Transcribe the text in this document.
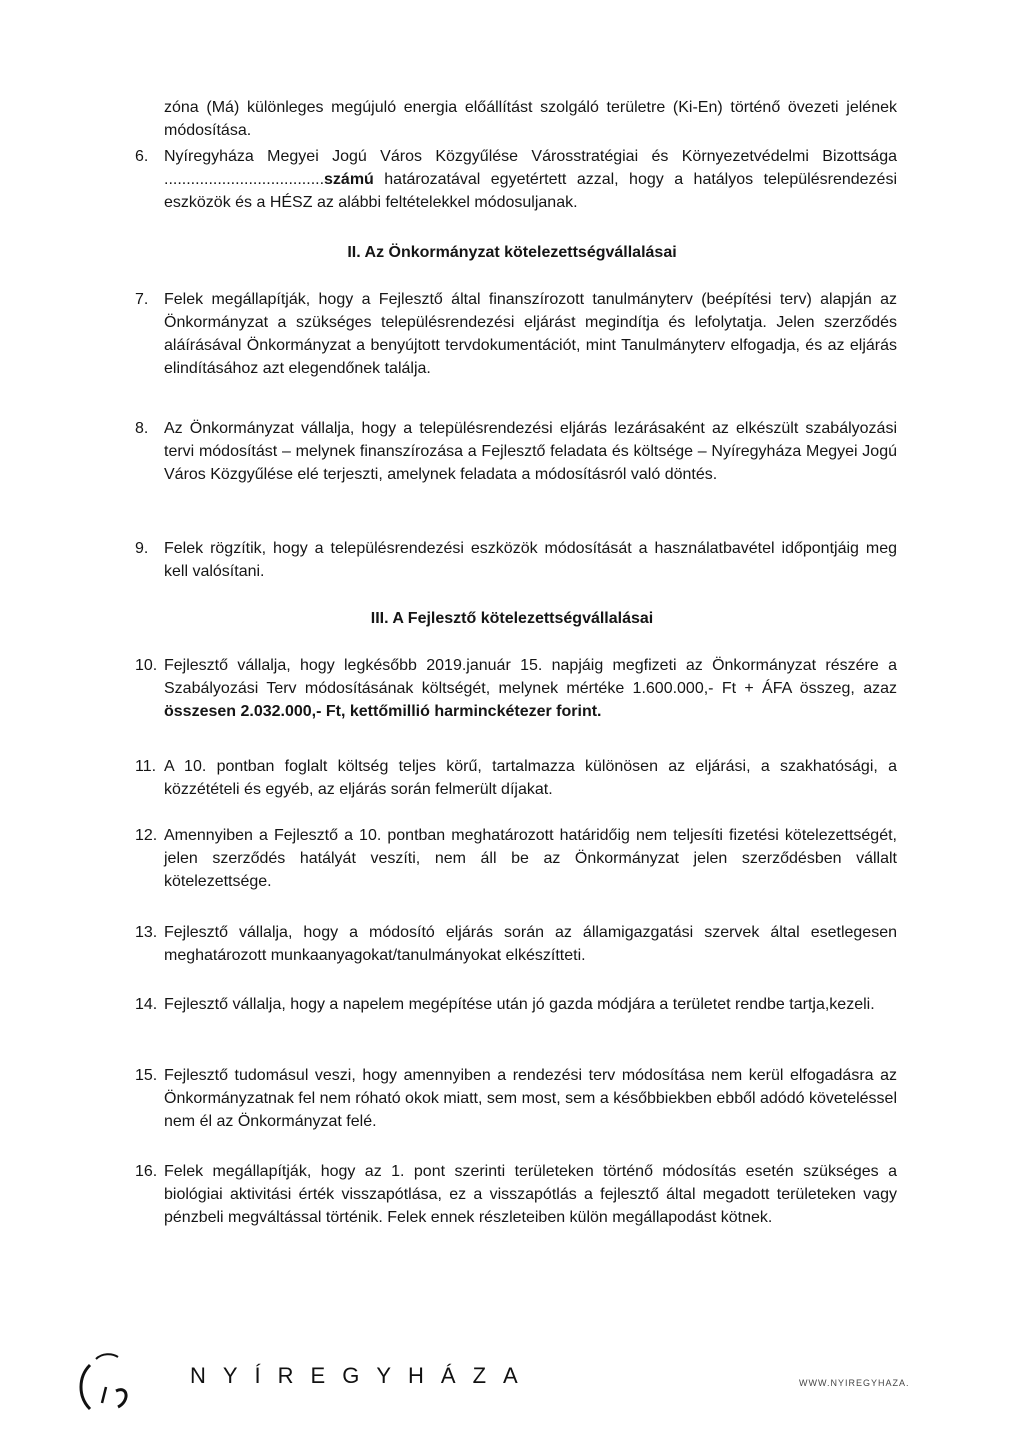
zóna (Má) különleges megújuló energia előállítást szolgáló területre (Ki-En) történő övezeti jelének módosítása.
6. Nyíregyháza Megyei Jogú Város Közgyűlése Városstratégiai és Környezetvédelmi Bizottsága ....................................számú határozatával egyetértett azzal, hogy a hatályos településrendezési eszközök és a HÉSZ az alábbi feltételekkel módosuljanak.
II. Az Önkormányzat kötelezettségvállalásai
7. Felek megállapítják, hogy a Fejlesztő által finanszírozott tanulmányterv (beépítési terv) alapján az Önkormányzat a szükséges településrendezési eljárást megindítja és lefolytatja. Jelen szerződés aláírásával Önkormányzat a benyújtott tervdokumentációt, mint Tanulmányterv elfogadja, és az eljárás elindításához azt elegendőnek találja.
8. Az Önkormányzat vállalja, hogy a településrendezési eljárás lezárásaként az elkészült szabályozási tervi módosítást – melynek finanszírozása a Fejlesztő feladata és költsége – Nyíregyháza Megyei Jogú Város Közgyűlése elé terjeszti, amelynek feladata a módosításról való döntés.
9. Felek rögzítik, hogy a településrendezési eszközök módosítását a használatbavétel időpontjáig meg kell valósítani.
III. A Fejlesztő kötelezettségvállalásai
10. Fejlesztő vállalja, hogy legkésőbb 2019.január 15. napjáig megfizeti az Önkormányzat részére a Szabályozási Terv módosításának költségét, melynek mértéke 1.600.000,- Ft + ÁFA összeg, azaz összesen 2.032.000,- Ft, kettőmillió harminckétezer forint.
11. A 10. pontban foglalt költség teljes körű, tartalmazza különösen az eljárási, a szakhatósági, a közzétételi és egyéb, az eljárás során felmerült díjakat.
12. Amennyiben a Fejlesztő a 10. pontban meghatározott határidőig nem teljesíti fizetési kötelezettségét, jelen szerződés hatályát veszíti, nem áll be az Önkormányzat jelen szerződésben vállalt kötelezettsége.
13. Fejlesztő vállalja, hogy a módosító eljárás során az államigazgatási szervek által esetlegesen meghatározott munkaanyagokat/tanulmányokat elkészítteti.
14. Fejlesztő vállalja, hogy a napelem megépítése után jó gazda módjára a területet rendbe tartja,kezeli.
15. Fejlesztő tudomásul veszi, hogy amennyiben a rendezési terv módosítása nem kerül elfogadásra az Önkormányzatnak fel nem róható okok miatt, sem most, sem a későbbiekben ebből adódó követeléssel nem él az Önkormányzat felé.
16. Felek megállapítják, hogy az 1. pont szerinti területeken történő módosítás esetén szükséges a biológiai aktivitási érték visszapótlása, ez a visszapótlás a fejlesztő által megadott területeken vagy pénzbeli megváltással történik. Felek ennek részleteiben külön megállapodást kötnek.
WWW.NYIREGYHAZA.
NYÍREGYHÁZA
